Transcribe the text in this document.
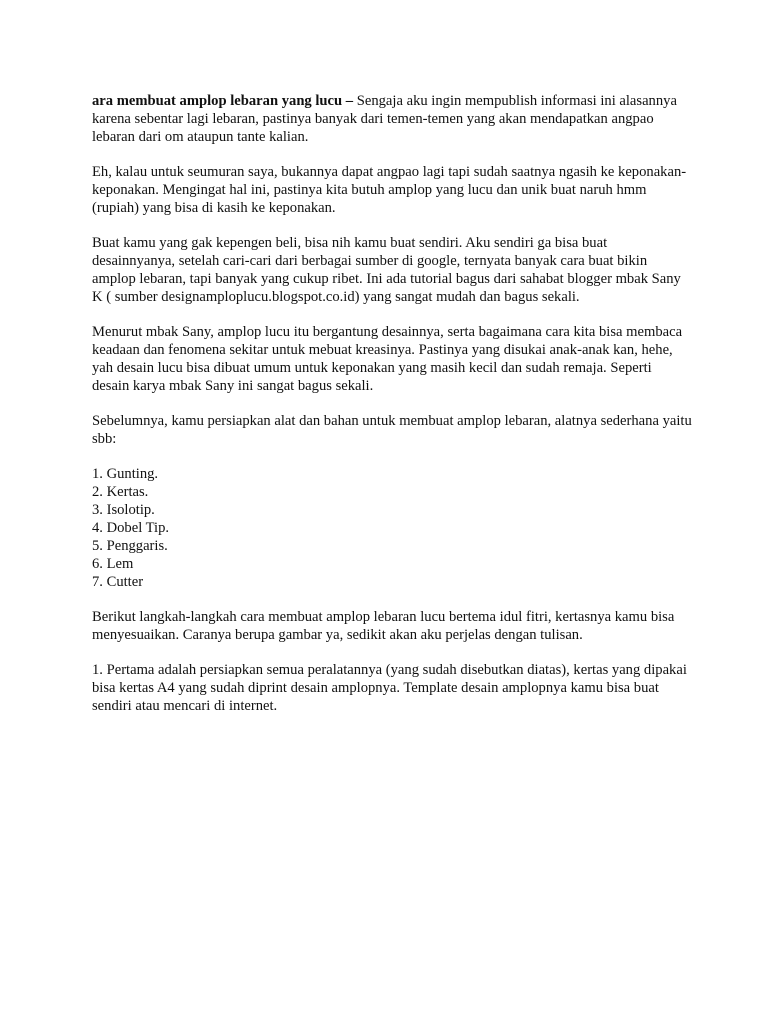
ara membuat amplop lebaran yang lucu – Sengaja aku ingin mempublish informasi ini alasannya karena sebentar lagi lebaran, pastinya banyak dari temen-temen yang akan mendapatkan angpao lebaran dari om ataupun tante kalian.

Eh, kalau untuk seumuran saya, bukannya dapat angpao lagi tapi sudah saatnya ngasih ke keponakan-keponakan. Mengingat hal ini, pastinya kita butuh amplop yang lucu dan unik buat naruh hmm (rupiah) yang bisa di kasih ke keponakan.

Buat kamu yang gak kepengen beli, bisa nih kamu buat sendiri. Aku sendiri ga bisa buat desainnyanya, setelah cari-cari dari berbagai sumber di google, ternyata banyak cara buat bikin amplop lebaran, tapi banyak yang cukup ribet. Ini ada tutorial bagus dari sahabat blogger mbak Sany K ( sumber designamploplucu.blogspot.co.id) yang sangat mudah dan bagus sekali.

Menurut mbak Sany, amplop lucu itu bergantung desainnya, serta bagaimana cara kita bisa membaca keadaan dan fenomena sekitar untuk mebuat kreasinya. Pastinya yang disukai anak-anak kan, hehe, yah desain lucu bisa dibuat umum untuk keponakan yang masih kecil dan sudah remaja. Seperti desain karya mbak Sany ini sangat bagus sekali.

Sebelumnya, kamu persiapkan alat dan bahan untuk membuat amplop lebaran, alatnya sederhana yaitu sbb:

1. Gunting.
2. Kertas.
3. Isolotip.
4. Dobel Tip.
5. Penggaris.
6. Lem
7. Cutter

Berikut langkah-langkah cara membuat amplop lebaran lucu bertema idul fitri, kertasnya kamu bisa menyesuaikan. Caranya berupa gambar ya, sedikit akan aku perjelas dengan tulisan.

1. Pertama adalah persiapkan semua peralatannya (yang sudah disebutkan diatas), kertas yang dipakai bisa kertas A4 yang sudah diprint desain amplopnya. Template desain amplopnya kamu bisa buat sendiri atau mencari di internet.
